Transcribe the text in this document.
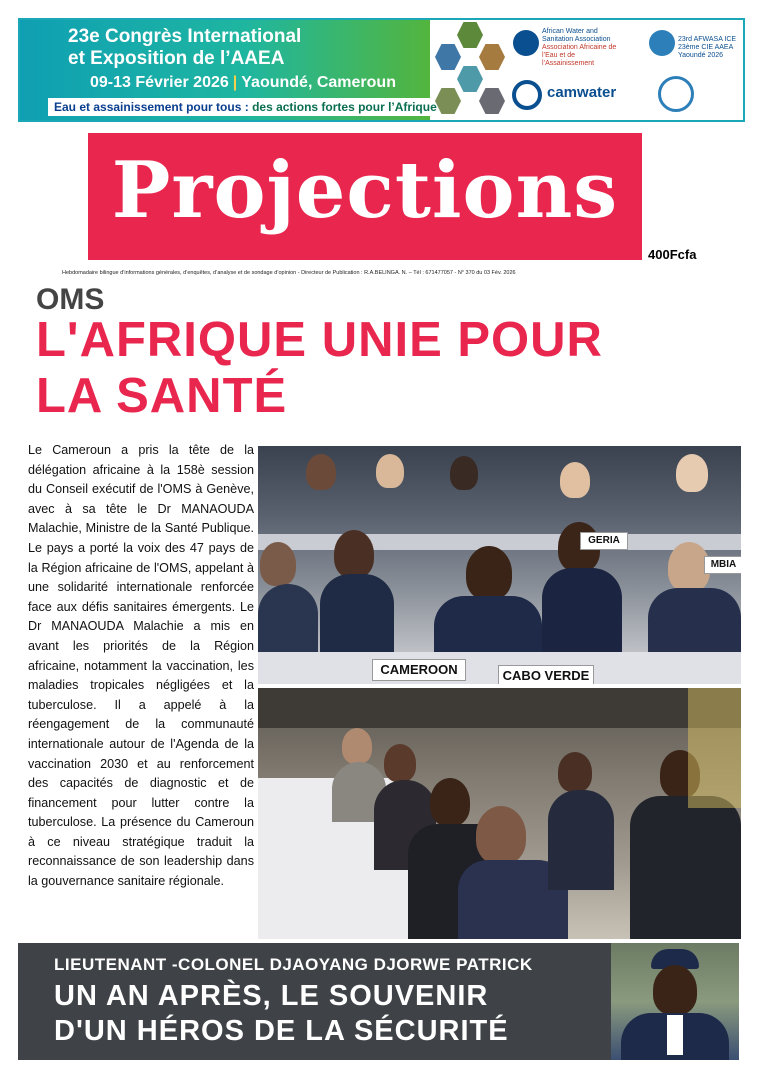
23e Congrès International
et Exposition de l’AAEA
09-13 Février 2026 | Yaoundé, Cameroun
Eau et assainissement pour tous : des actions fortes pour l’Afrique
African Water and Sanitation Association
Association Africaine de l’Eau et de l’Assainissement
23rd AFWASA ICE 23ème CIE AAEA Yaoundé 2026
camwater
Projections
400Fcfa
Hebdomadaire bilingue d’informations générales, d’enquêtes, d’analyse et de sondage d’opinion - Directeur de Publication : R.A.BELINGA. N. – Tél : 671477057 - N° 370 du 03 Fév. 2026
OMS
L'AFRIQUE UNIE POUR
LA SANTÉ
Le Cameroun a pris la tête de la délégation africaine à la 158è session du Conseil exécutif de l'OMS à Genève, avec à sa tête le Dr MANAOUDA Malachie, Ministre de la Santé Publique. Le pays a porté la voix des 47 pays de la Région africaine de l'OMS, appelant à une solidarité internationale renforcée face aux défis sanitaires émergents. Le Dr MANAOUDA Malachie a mis en avant les priorités de la Région africaine, notamment la vaccination, les maladies tropicales négligées et la tuberculose. Il a appelé à la réengagement de la communauté internationale autour de l'Agenda de la vaccination 2030 et au renforcement des capacités de diagnostic et de financement pour lutter contre la tuberculose. La présence du Cameroun à ce niveau stratégique traduit la reconnaissance de son leadership dans la gouvernance sanitaire régionale.
CAMEROON	CABO VERDE
GERIA
MBIA
LIEUTENANT -COLONEL DJAOYANG DJORWE PATRICK
UN AN APRÈS, LE SOUVENIR
D'UN HÉROS DE LA SÉCURITÉ
